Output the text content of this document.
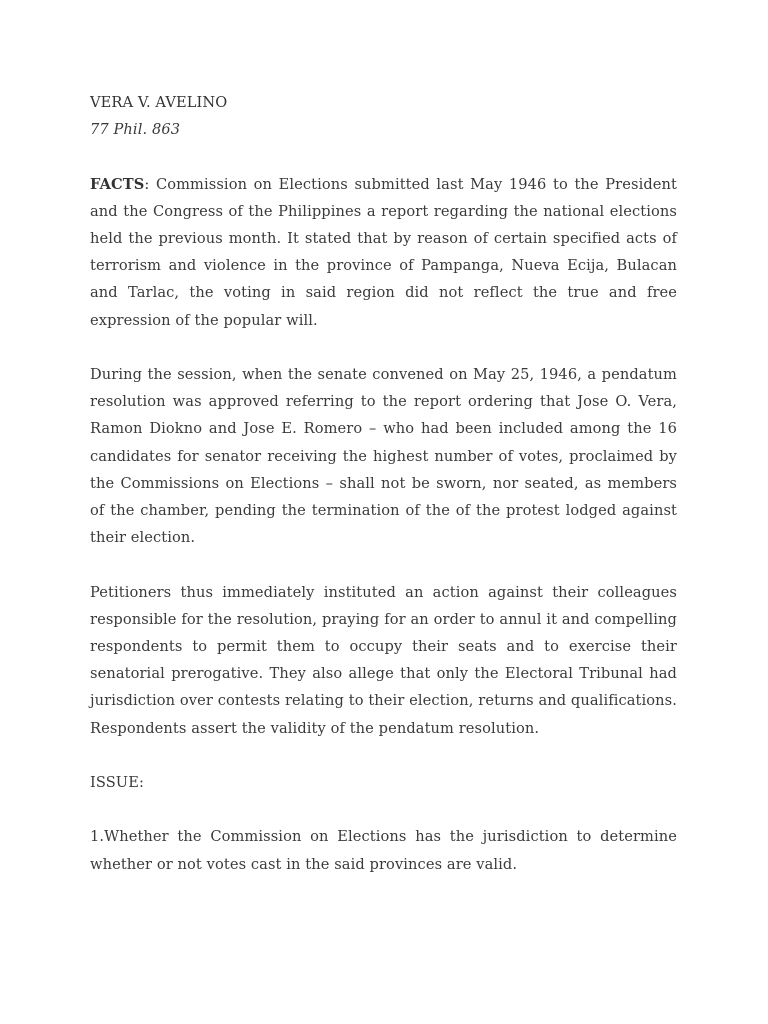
VERA V. AVELINO
77 Phil. 863

FACTS: Commission on Elections submitted last May 1946 to the President and the Congress of the Philippines a report regarding the national elections held the previous month. It stated that by reason of certain specified acts of terrorism and violence in the province of Pampanga, Nueva Ecija, Bulacan and Tarlac, the voting in said region did not reflect the true and free expression of the popular will.

During the session, when the senate convened on May 25, 1946, a pendatum resolution was approved referring to the report ordering that Jose O. Vera, Ramon Diokno and Jose E. Romero – who had been included among the 16 candidates for senator receiving the highest number of votes, proclaimed by the Commissions on Elections – shall not be sworn, nor seated, as members of the chamber, pending the termination of the of the protest lodged against their election.

Petitioners thus immediately instituted an action against their colleagues responsible for the resolution, praying for an order to annul it and compelling respondents to permit them to occupy their seats and to exercise their senatorial prerogative. They also allege that only the Electoral Tribunal had jurisdiction over contests relating to their election, returns and qualifications. Respondents assert the validity of the pendatum resolution.

ISSUE:

1.Whether the Commission on Elections has the jurisdiction to determine whether or not votes cast in the said provinces are valid.
